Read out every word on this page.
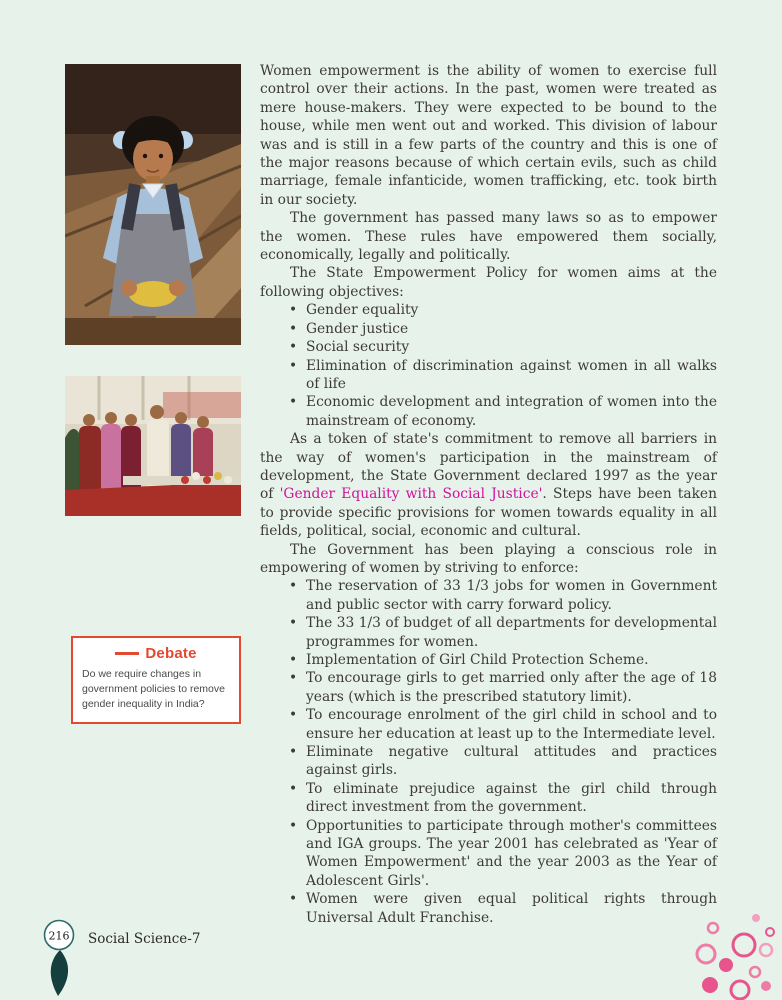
Debate

Do we require changes in government policies to remove gender inequality in India?

Women empowerment is the ability of women to exercise full control over their actions. In the past, women were treated as mere house-makers. They were expected to be bound to the house, while men went out and worked. This division of labour was and is still in a few parts of the country and this is one of the major reasons because of which certain evils, such as child marriage, female infanticide, women trafficking, etc. took birth in our society.

The government has passed many laws so as to empower the women. These rules have empowered them socially, economically, legally and politically.

The State Empowerment Policy for women aims at the following objectives:

• Gender equality
• Gender justice
• Social security
• Elimination of discrimination against women in all walks of life
• Economic development and integration of women into the mainstream of economy.

As a token of state's commitment to remove all barriers in the way of women's participation in the mainstream of development, the State Government declared 1997 as the year of 'Gender Equality with Social Justice'. Steps have been taken to provide specific provisions for women towards equality in all fields, political, social, economic and cultural.

The Government has been playing a conscious role in empowering of women by striving to enforce:

• The reservation of 33 1/3 jobs for women in Government and public sector with carry forward policy.
• The 33 1/3 of budget of all departments for developmental programmes for women.
• Implementation of Girl Child Protection Scheme.
• To encourage girls to get married only after the age of 18 years (which is the prescribed statutory limit).
• To encourage enrolment of the girl child in school and to ensure her education at least up to the Intermediate level.
• Eliminate negative cultural attitudes and practices against girls.
• To eliminate prejudice against the girl child through direct investment from the government.
• Opportunities to participate through mother's committees and IGA groups. The year 2001 has celebrated as 'Year of Women Empowerment' and the year 2003 as the Year of Adolescent Girls'.
• Women were given equal political rights through Universal Adult Franchise.
216 Social Science-7
